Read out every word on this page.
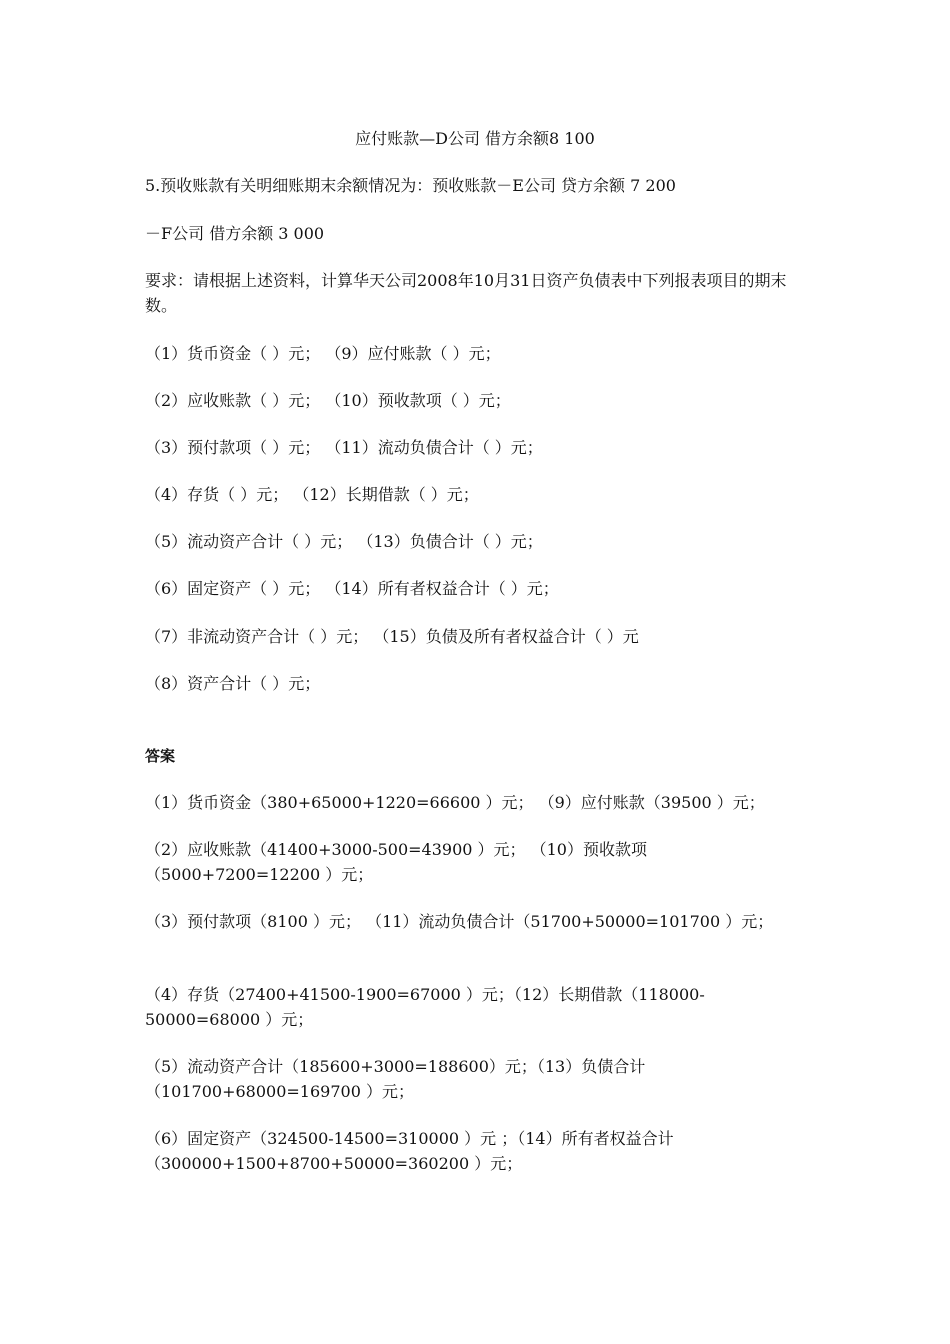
应付账款—D公司 借方余额8 100
5.预收账款有关明细账期末余额情况为：预收账款－E公司 贷方余额 7 200
－F公司 借方余额 3 000
要求：请根据上述资料，计算华天公司2008年10月31日资产负债表中下列报表项目的期末数。
（1）货币资金（ ）元； （9）应付账款（ ）元；
（2）应收账款（ ）元； （10）预收款项（ ）元；
（3）预付款项（ ）元； （11）流动负债合计（ ）元；
（4）存货（ ）元； （12）长期借款（ ）元；
（5）流动资产合计（ ）元； （13）负债合计（ ）元；
（6）固定资产（ ）元； （14）所有者权益合计（ ）元；
（7）非流动资产合计（ ）元； （15）负债及所有者权益合计（ ）元
（8）资产合计（ ）元；
答案
（1）货币资金（380+65000+1220=66600 ）元； （9）应付账款（39500 ）元；
（2）应收账款（41400+3000-500=43900 ）元； （10）预收款项（5000+7200=12200 ）元；
（3）预付款项（8100 ）元； （11）流动负债合计（51700+50000=101700 ）元；
（4）存货（27400+41500-1900=67000 ）元；（12）长期借款（118000-50000=68000 ）元；
（5）流动资产合计（185600+3000=188600）元；（13）负债合计（101700+68000=169700 ）元；
（6）固定资产（324500-14500=310000 ）元 ；（14）所有者权益合计（300000+1500+8700+50000=360200 ）元；
